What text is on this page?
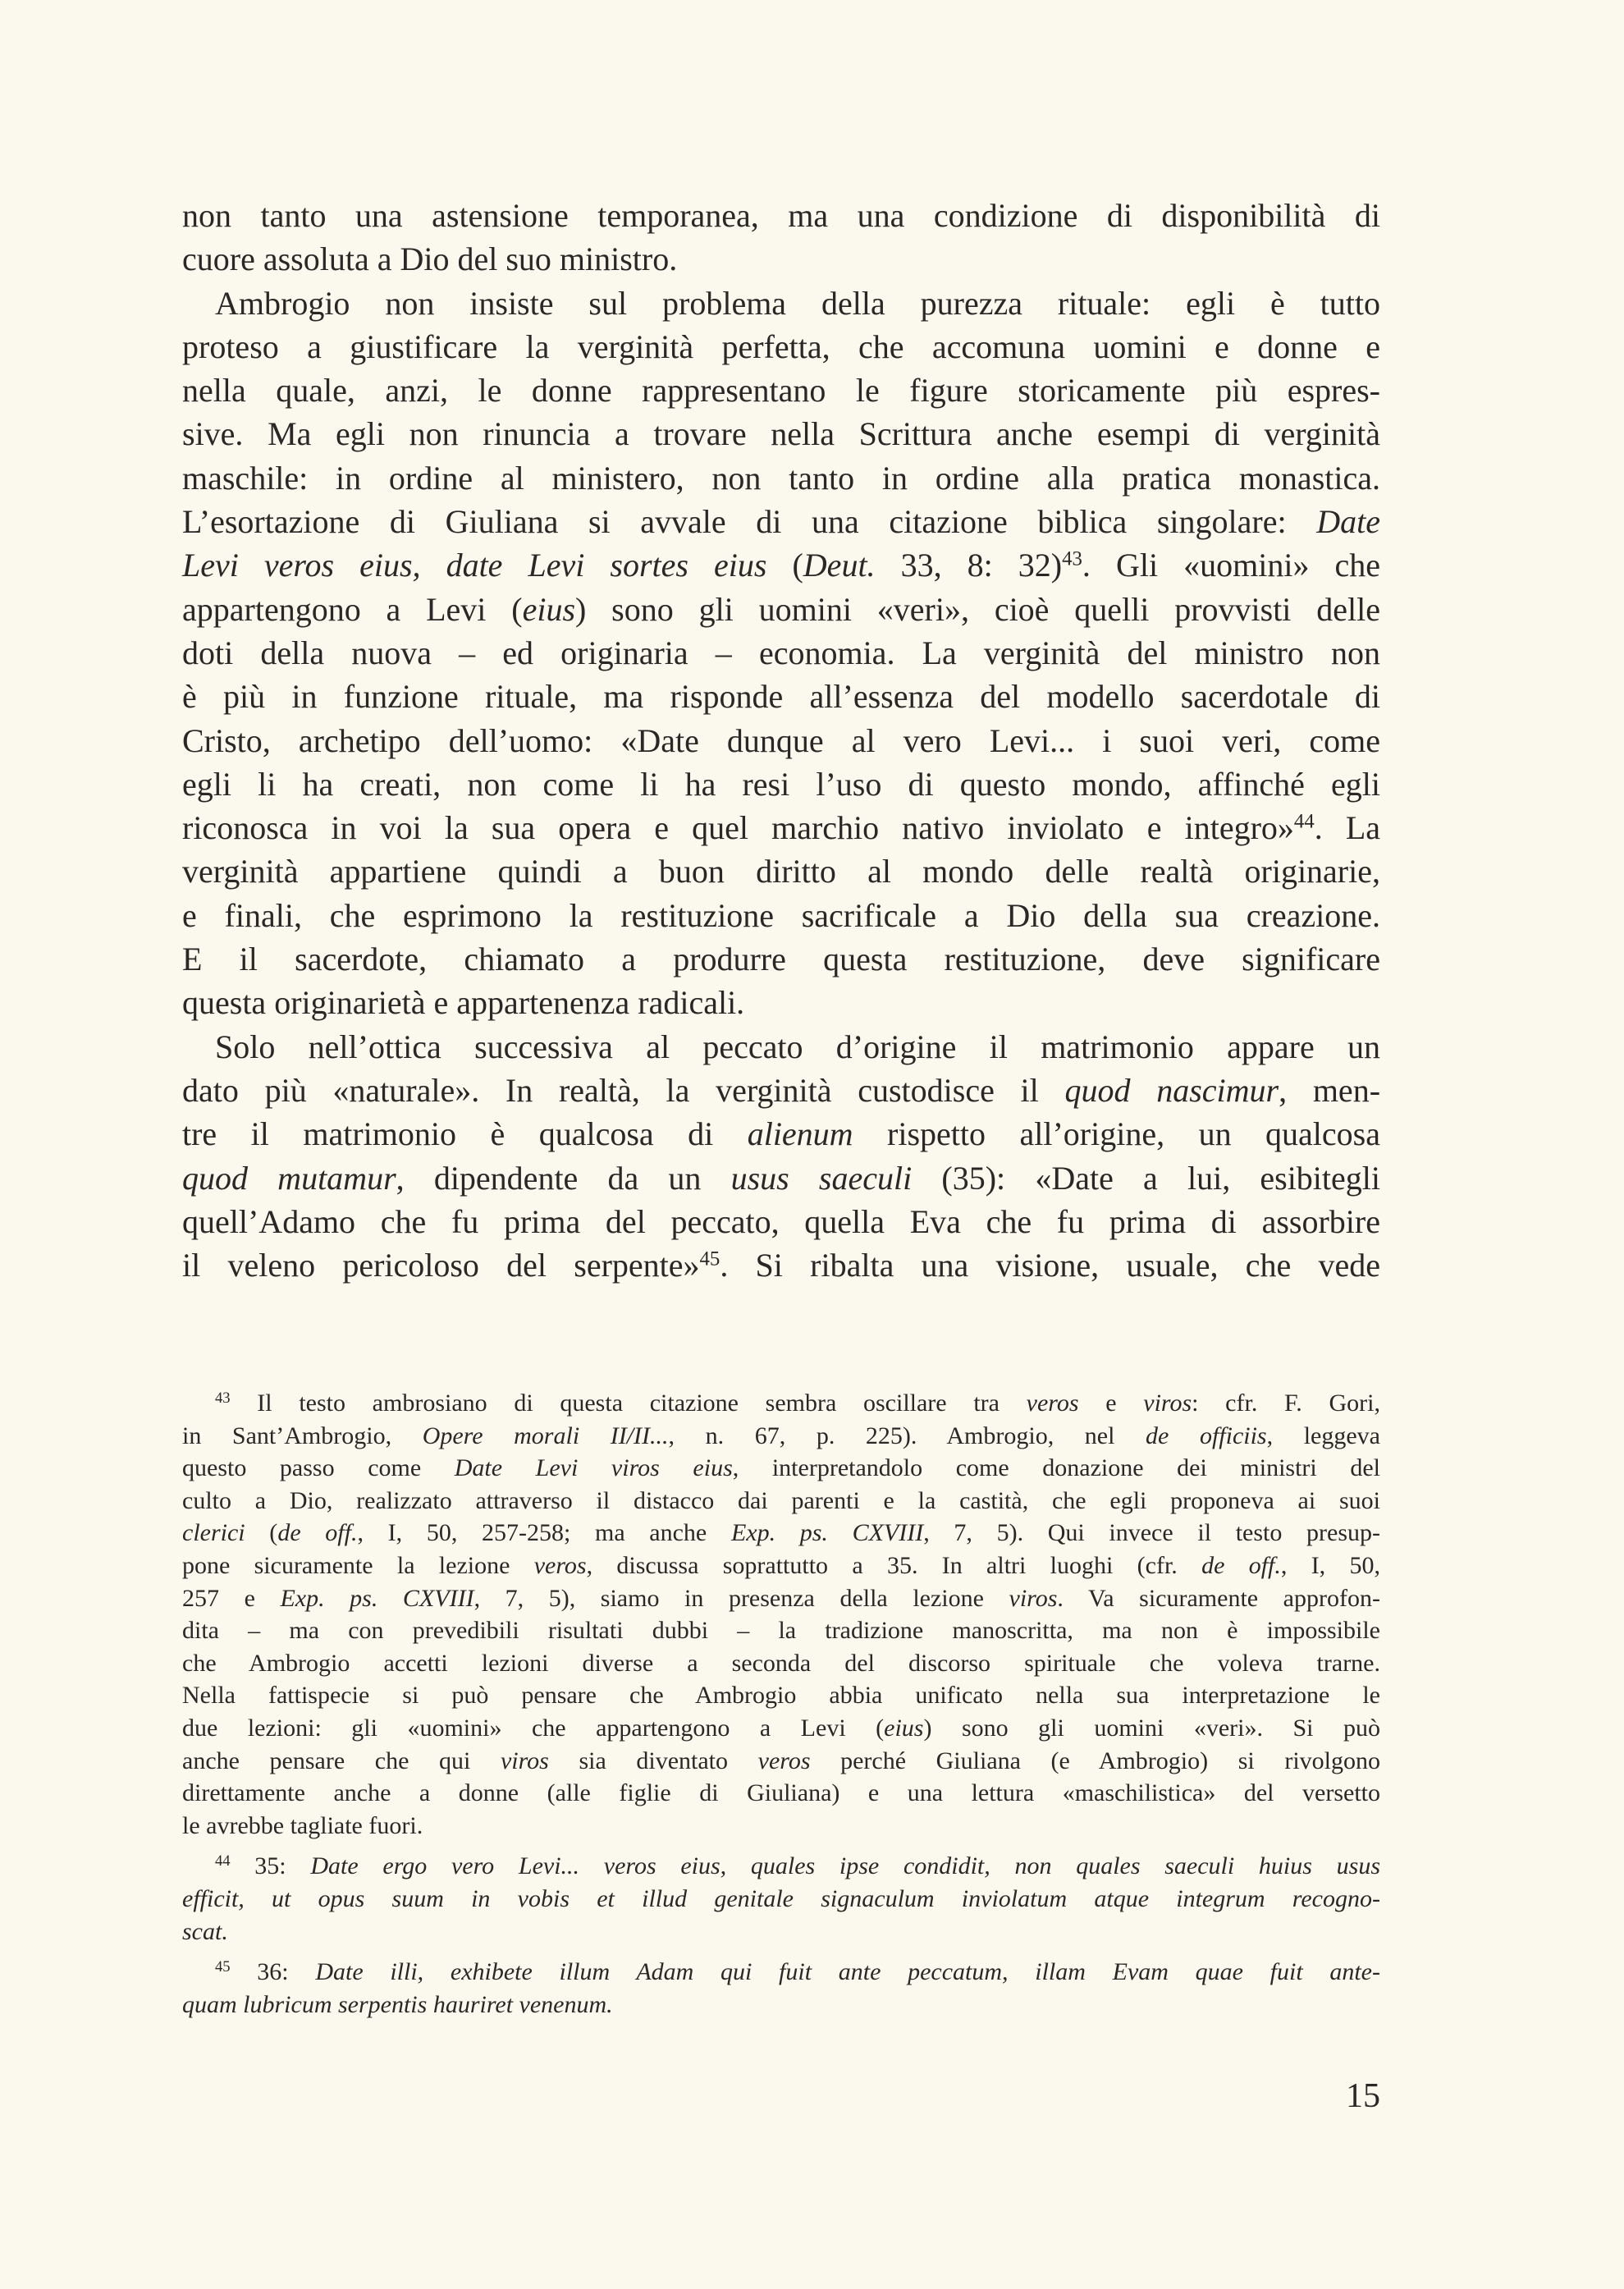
non tanto una astensione temporanea, ma una condizione di disponibilità di
cuore assoluta a Dio del suo ministro.
Ambrogio non insiste sul problema della purezza rituale: egli è tutto
proteso a giustificare la verginità perfetta, che accomuna uomini e donne e
nella quale, anzi, le donne rappresentano le figure storicamente più espres-
sive. Ma egli non rinuncia a trovare nella Scrittura anche esempi di verginità
maschile: in ordine al ministero, non tanto in ordine alla pratica monastica.
L’esortazione di Giuliana si avvale di una citazione biblica singolare: Date
Levi veros eius, date Levi sortes eius (Deut. 33, 8: 32)$^{43}$. Gli «uomini» che
appartengono a Levi (eius) sono gli uomini «veri», cioè quelli provvisti delle
doti della nuova – ed originaria – economia. La verginità del ministro non
è più in funzione rituale, ma risponde all’essenza del modello sacerdotale di
Cristo, archetipo dell’uomo: «Date dunque al vero Levi... i suoi veri, come
egli li ha creati, non come li ha resi l’uso di questo mondo, affinché egli
riconosca in voi la sua opera e quel marchio nativo inviolato e integro»$^{44}$. La
verginità appartiene quindi a buon diritto al mondo delle realtà originarie,
e finali, che esprimono la restituzione sacrificale a Dio della sua creazione.
E il sacerdote, chiamato a produrre questa restituzione, deve significare
questa originarietà e appartenenza radicali.
Solo nell’ottica successiva al peccato d’origine il matrimonio appare un
dato più «naturale». In realtà, la verginità custodisce il quod nascimur, men-
tre il matrimonio è qualcosa di alienum rispetto all’origine, un qualcosa
quod mutamur, dipendente da un usus saeculi (35): «Date a lui, esibitegli
quell’Adamo che fu prima del peccato, quella Eva che fu prima di assorbire
il veleno pericoloso del serpente»$^{45}$. Si ribalta una visione, usuale, che vede
$^{43}$ Il testo ambrosiano di questa citazione sembra oscillare tra veros e viros: cfr. F. Gori,
in Sant’Ambrogio, Opere morali II/II..., n. 67, p. 225). Ambrogio, nel de officiis, leggeva
questo passo come Date Levi viros eius, interpretandolo come donazione dei ministri del
culto a Dio, realizzato attraverso il distacco dai parenti e la castità, che egli proponeva ai suoi
clerici (de off., I, 50, 257-258; ma anche Exp. ps. CXVIII, 7, 5). Qui invece il testo presup-
pone sicuramente la lezione veros, discussa soprattutto a 35. In altri luoghi (cfr. de off., I, 50,
257 e Exp. ps. CXVIII, 7, 5), siamo in presenza della lezione viros. Va sicuramente approfon-
dita – ma con prevedibili risultati dubbi – la tradizione manoscritta, ma non è impossibile
che Ambrogio accetti lezioni diverse a seconda del discorso spirituale che voleva trarne.
Nella fattispecie si può pensare che Ambrogio abbia unificato nella sua interpretazione le
due lezioni: gli «uomini» che appartengono a Levi (eius) sono gli uomini «veri». Si può
anche pensare che qui viros sia diventato veros perché Giuliana (e Ambrogio) si rivolgono
direttamente anche a donne (alle figlie di Giuliana) e una lettura «maschilistica» del versetto
le avrebbe tagliate fuori.
$^{44}$ 35: Date ergo vero Levi... veros eius, quales ipse condidit, non quales saeculi huius usus
efficit, ut opus suum in vobis et illud genitale signaculum inviolatum atque integrum recogno-
scat.
$^{45}$ 36: Date illi, exhibete illum Adam qui fuit ante peccatum, illam Evam quae fuit ante-
quam lubricum serpentis hauriret venenum.
15
